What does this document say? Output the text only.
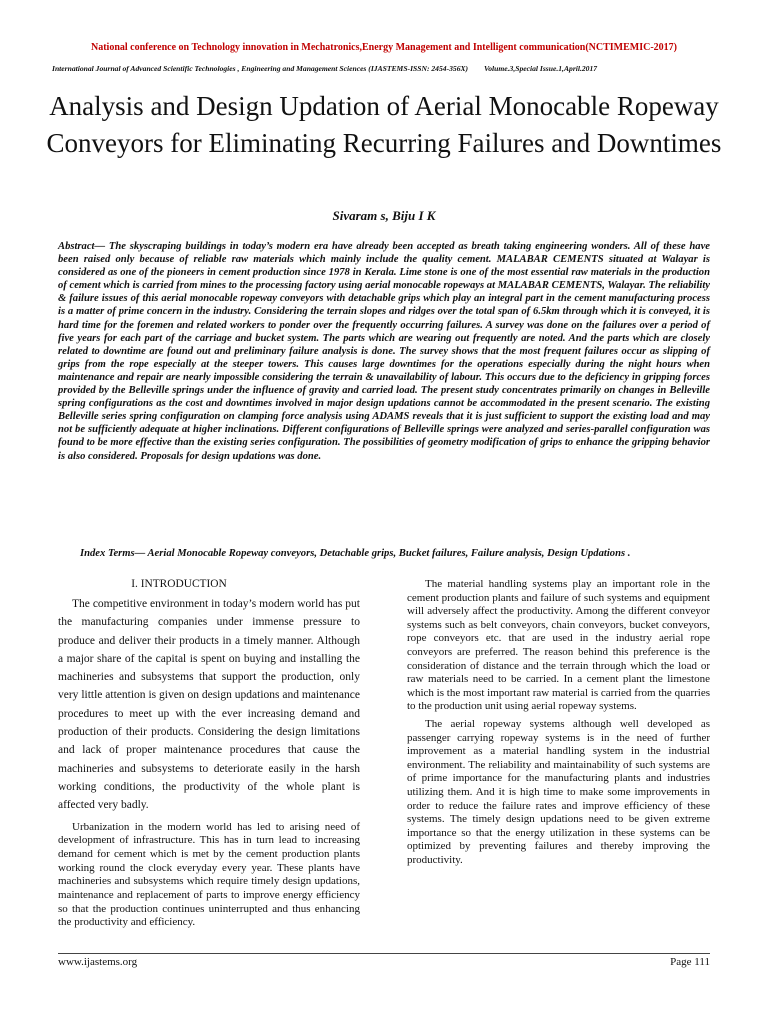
National conference on Technology innovation in Mechatronics,Energy Management and Intelligent communication(NCTIMEMIC-2017)
International Journal of Advanced Scientific Technologies , Engineering and Management Sciences (IJASTEMS-ISSN: 2454-356X) Volume.3,Special Issue.1,April.2017
Analysis and Design Updation of Aerial Monocable Ropeway Conveyors for Eliminating Recurring Failures and Downtimes
Sivaram s, Biju I K
Abstract— The skyscraping buildings in today’s modern era have already been accepted as breath taking engineering wonders. All of these have been raised only because of reliable raw materials which mainly include the quality cement. MALABAR CEMENTS situated at Walayar is considered as one of the pioneers in cement production since 1978 in Kerala. Lime stone is one of the most essential raw materials in the production of cement which is carried from mines to the processing factory using aerial monocable ropeways at MALABAR CEMENTS, Walayar. The reliability & failure issues of this aerial monocable ropeway conveyors with detachable grips which play an integral part in the cement manufacturing process is a matter of prime concern in the industry. Considering the terrain slopes and ridges over the total span of 6.5km through which it is conveyed, it is hard time for the foremen and related workers to ponder over the frequently occurring failures. A survey was done on the failures over a period of five years for each part of the carriage and bucket system. The parts which are wearing out frequently are noted. And the parts which are closely related to downtime are found out and preliminary failure analysis is done. The survey shows that the most frequent failures occur as slipping of grips from the rope especially at the steeper towers. This causes large downtimes for the operations especially during the night hours when maintenance and repair are nearly impossible considering the terrain & unavailability of labour. This occurs due to the deficiency in gripping forces provided by the Belleville springs under the influence of gravity and carried load. The present study concentrates primarily on changes in Belleville spring configurations as the cost and downtimes involved in major design updations cannot be accommodated in the present scenario. The existing Belleville series spring configuration on clamping force analysis using ADAMS reveals that it is just sufficient to support the existing load and may not be sufficiently adequate at higher inclinations. Different configurations of Belleville springs were analyzed and series-parallel configuration was found to be more effective than the existing series configuration. The possibilities of geometry modification of grips to enhance the gripping behavior is also considered. Proposals for design updations was done.
Index Terms— Aerial Monocable Ropeway conveyors, Detachable grips, Bucket failures, Failure analysis, Design Updations .
I. INTRODUCTION

The competitive environment in today’s modern world has put the manufacturing companies under immense pressure to produce and deliver their products in a timely manner. Although a major share of the capital is spent on buying and installing the machineries and subsystems that support the production, only very little attention is given on design updations and maintenance procedures to meet up with the ever increasing demand and production of their products. Considering the design limitations and lack of proper maintenance procedures that cause the machineries and subsystems to deteriorate easily in the harsh working conditions, the productivity of the whole plant is affected very badly.

Urbanization in the modern world has led to arising need of development of infrastructure. This has in turn lead to increasing demand for cement which is met by the cement production plants working round the clock everyday every year. These plants have machineries and subsystems which require timely design updations, maintenance and replacement of parts to improve energy efficiency so that the production continues uninterrupted and thus enhancing the productivity and efficiency.

The material handling systems play an important role in the cement production plants and failure of such systems and equipment will adversely affect the productivity. Among the different conveyor systems such as belt conveyors, chain conveyors, bucket conveyors, rope conveyors etc. that are used in the industry aerial rope conveyors are preferred. The reason behind this preference is the consideration of distance and the terrain through which the load or raw materials need to be carried. In a cement plant the limestone which is the most important raw material is carried from the quarries to the production unit using aerial ropeway systems.

The aerial ropeway systems although well developed as passenger carrying ropeway systems is in the need of further improvement as a material handling system in the industrial environment. The reliability and maintainability of such systems are of prime importance for the manufacturing plants and industries utilizing them. And it is high time to make some improvements in order to reduce the failure rates and improve efficiency of these systems. The timely design updations need to be given extreme importance so that the energy utilization in these systems can be optimized by preventing failures and thereby improving the productivity.

www.ijastems.org	Page 111
